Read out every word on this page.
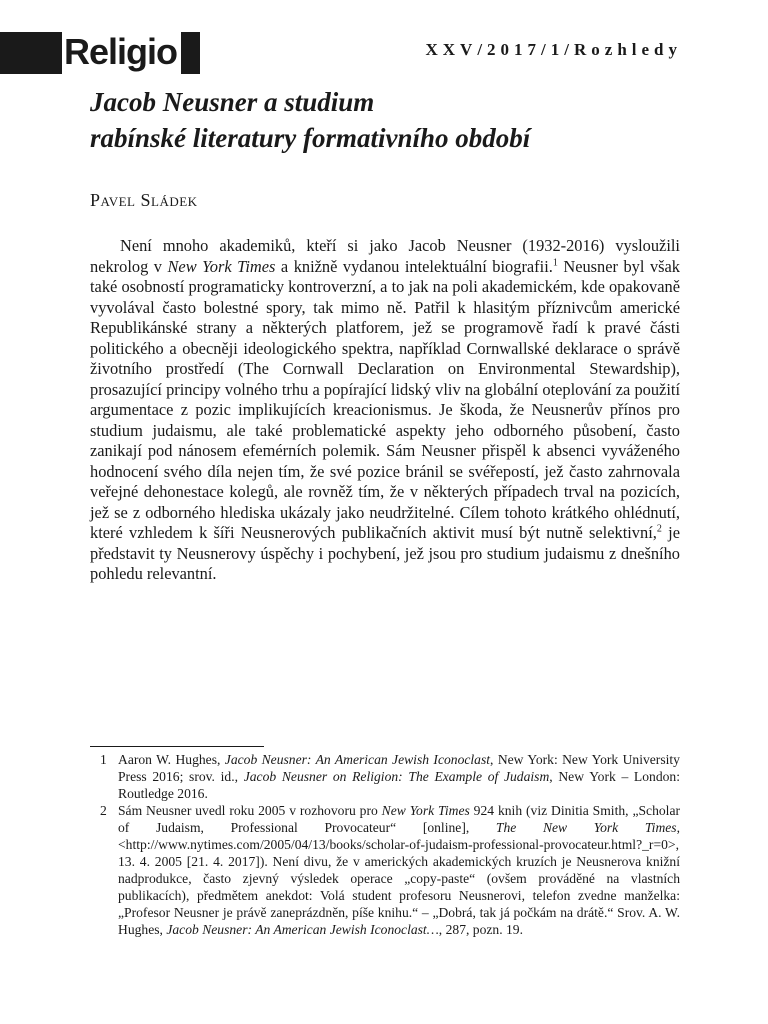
Religio	XXV/2017/1/Rozhledy
Jacob Neusner a studium
rabínské literatury formativního období
Pavel Sládek

Není mnoho akademiků, kteří si jako Jacob Neusner (1932-2016) vysloužili nekrolog v New York Times a knižně vydanou intelektuální biografii.$^1$ Neusner byl však také osobností programaticky kontroverzní, a to jak na poli akademickém, kde opakovaně vyvolával často bolestné spory, tak mimo ně. Patřil k hlasitým příznivcům americké Republikánské strany a některých platforem, jež se programově řadí k pravé části politického a obecněji ideologického spektra, například Cornwallské deklarace o správě životního prostředí (The Cornwall Declaration on Environmental Stewardship), prosazující principy volného trhu a popírající lidský vliv na globální oteplování za použití argumentace z pozic implikujících kreacionismus. Je škoda, že Neusnerův přínos pro studium judaismu, ale také problematické aspekty jeho odborného působení, často zanikají pod nánosem efemérních polemik. Sám Neusner přispěl k absenci vyváženého hodnocení svého díla nejen tím, že své pozice bránil se svéřepostí, jež často zahrnovala veřejné dehonestace kolegů, ale rovněž tím, že v některých případech trval na pozicích, jež se z odborného hlediska ukázaly jako neudržitelné. Cílem tohoto krátkého ohlédnutí, které vzhledem k šíři Neusnerových publikačních aktivit musí být nutně selektivní,$^2$ je představit ty Neusnerovy úspěchy i pochybení, jež jsou pro studium judaismu z dnešního pohledu relevantní.

1 Aaron W. Hughes, Jacob Neusner: An American Jewish Iconoclast, New York: New York University Press 2016; srov. id., Jacob Neusner on Religion: The Example of Judaism, New York – London: Routledge 2016.
2 Sám Neusner uvedl roku 2005 v rozhovoru pro New York Times 924 knih (viz Dinitia Smith, „Scholar of Judaism, Professional Provocateur“ [online], The New York Times, <http://www.nytimes.com/2005/04/13/books/scholar-of-judaism-professional-provocateur.html?_r=0>, 13. 4. 2005 [21. 4. 2017]). Není divu, že v amerických akademických kruzích je Neusnerova knižní nadprodukce, často zjevný výsledek operace „copy-paste“ (ovšem prováděné na vlastních publikacích), předmětem anekdot: Volá student profesoru Neusnerovi, telefon zvedne manželka: „Profesor Neusner je právě zaneprázdněn, píše knihu.“ – „Dobrá, tak já počkám na drátě.“ Srov. A. W. Hughes, Jacob Neusner: An American Jewish Iconoclast…, 287, pozn. 19.
